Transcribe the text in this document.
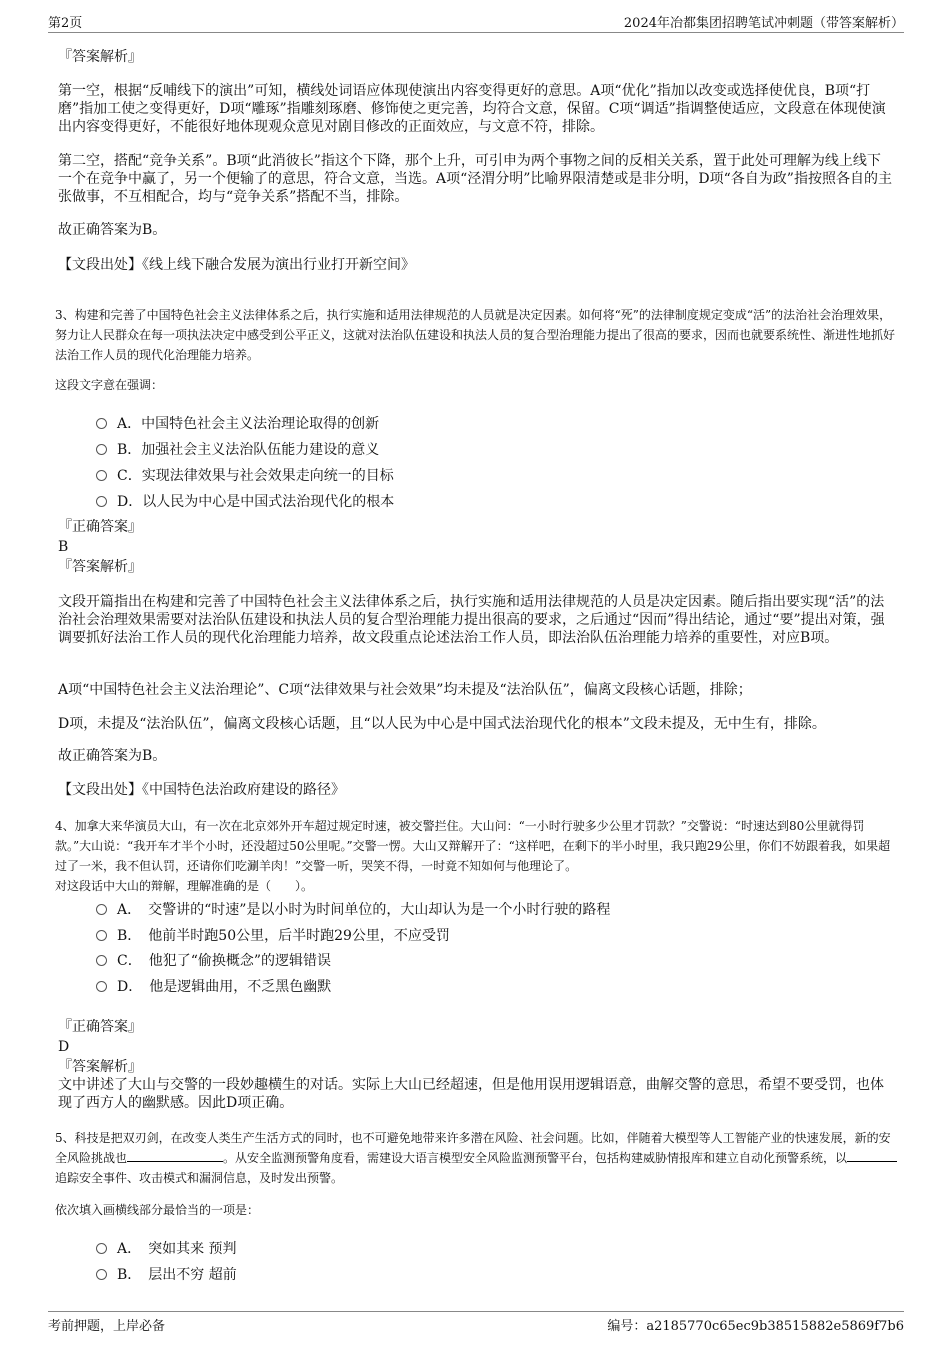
第2页	2024年冶都集团招聘笔试冲刺题（带答案解析）
『答案解析』
第一空，根据“反哺线下的演出”可知，横线处词语应体现使演出内容变得更好的意思。A项“优化”指加以改变或选择使优良，B项“打磨”指加工使之变得更好，D项“雕琢”指雕刻琢磨、修饰使之更完善，均符合文意，保留。C项“调适”指调整使适应，文段意在体现使演出内容变得更好，不能很好地体现观众意见对剧目修改的正面效应，与文意不符，排除。
第二空，搭配“竞争关系”。B项“此消彼长”指这个下降，那个上升，可引申为两个事物之间的反相关关系，置于此处可理解为线上线下一个在竞争中赢了，另一个便输了的意思，符合文意，当选。A项“泾渭分明”比喻界限清楚或是非分明，D项“各自为政”指按照各自的主张做事，不互相配合，均与“竞争关系”搭配不当，排除。
故正确答案为B。
【文段出处】《线上线下融合发展为演出行业打开新空间》
3、构建和完善了中国特色社会主义法律体系之后，执行实施和适用法律规范的人员就是决定因素。如何将“死”的法律制度规定变成“活”的法治社会治理效果，努力让人民群众在每一项执法决定中感受到公平正义，这就对法治队伍建设和执法人员的复合型治理能力提出了很高的要求，因而也就要系统性、渐进性地抓好法治工作人员的现代化治理能力培养。
这段文字意在强调：
A．中国特色社会主义法治理论取得的创新
B．加强社会主义法治队伍能力建设的意义
C．实现法律效果与社会效果走向统一的目标
D．以人民为中心是中国式法治现代化的根本
『正确答案』
B
『答案解析』
文段开篇指出在构建和完善了中国特色社会主义法律体系之后，执行实施和适用法律规范的人员是决定因素。随后指出要实现“活”的法治社会治理效果需要对法治队伍建设和执法人员的复合型治理能力提出很高的要求，之后通过“因而”得出结论，通过“要”提出对策，强调要抓好法治工作人员的现代化治理能力培养，故文段重点论述法治工作人员，即法治队伍治理能力培养的重要性，对应B项。
A项“中国特色社会主义法治理论”、C项“法律效果与社会效果”均未提及“法治队伍”，偏离文段核心话题，排除；
D项，未提及“法治队伍”，偏离文段核心话题，且“以人民为中心是中国式法治现代化的根本”文段未提及，无中生有，排除。
故正确答案为B。
【文段出处】《中国特色法治政府建设的路径》
4、加拿大来华演员大山，有一次在北京郊外开车超过规定时速，被交警拦住。大山问：“一小时行驶多少公里才罚款？”交警说：“时速达到80公里就得罚款。”大山说：“我开车才半个小时，还没超过50公里呢。”交警一愣。大山又辩解开了：“这样吧，在剩下的半小时里，我只跑29公里，你们不妨跟着我，如果超过了一米，我不但认罚，还请你们吃涮羊肉！”交警一听，哭笑不得，一时竟不知如何与他理论了。
对这段话中大山的辩解，理解准确的是（　　）。
A．　交警讲的“时速”是以小时为时间单位的，大山却认为是一个小时行驶的路程
B．　他前半时跑50公里，后半时跑29公里，不应受罚
C．　他犯了“偷换概念”的逻辑错误
D．　他是逻辑曲用，不乏黑色幽默
『正确答案』
D
『答案解析』
文中讲述了大山与交警的一段妙趣横生的对话。实际上大山已经超速，但是他用误用逻辑语意，曲解交警的意思，希望不要受罚，也体现了西方人的幽默感。因此D项正确。
5、科技是把双刃剑，在改变人类生产生活方式的同时，也不可避免地带来许多潜在风险、社会问题。比如，伴随着大模型等人工智能产业的快速发展，新的安全风险挑战也	。从安全监测预警角度看，需建设大语言模型安全风险监测预警平台，包括构建威胁情报库和建立自动化预警系统，以追踪安全事件、攻击模式和漏洞信息，及时发出预警。
依次填入画横线部分最恰当的一项是：
A．　突如其来 预判
B．　层出不穷 超前
考前押题，上岸必备	编号：a2185770c65ec9b38515882e5869f7b6
